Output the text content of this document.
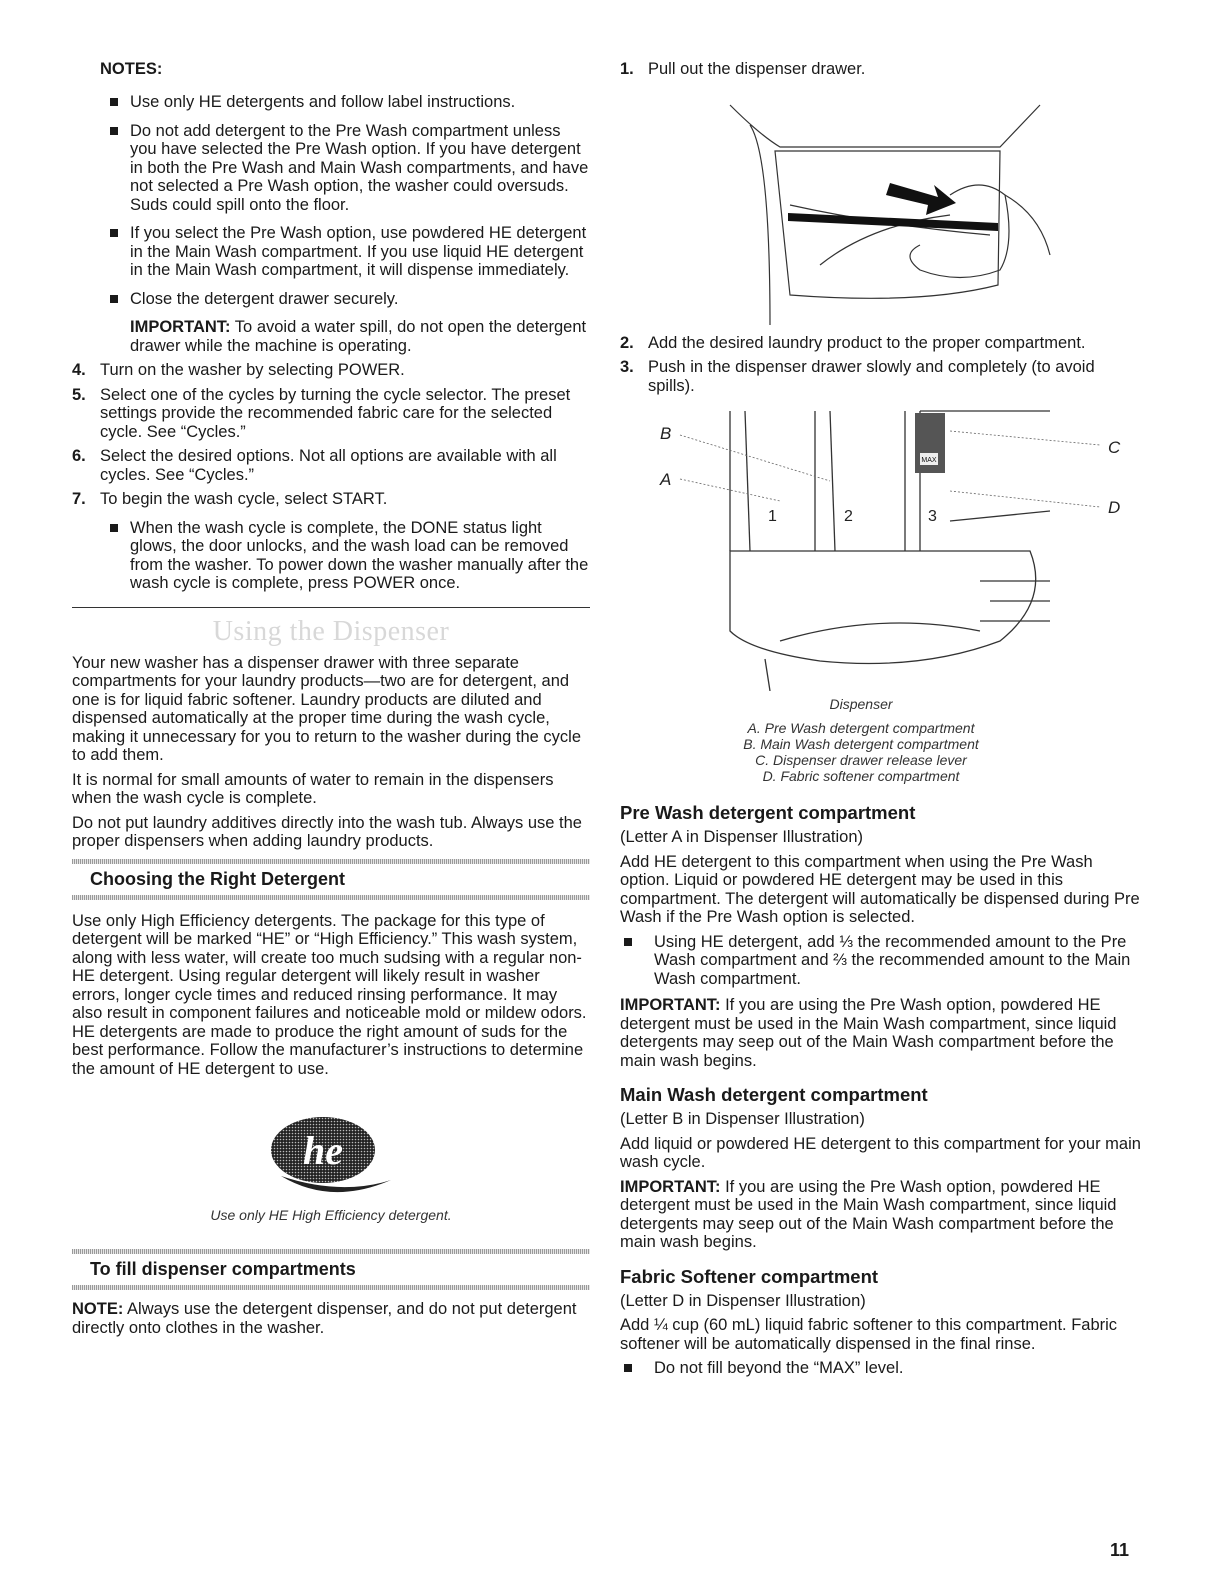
NOTES:
Use only HE detergents and follow label instructions.
Do not add detergent to the Pre Wash compartment unless you have selected the Pre Wash option. If you have detergent in both the Pre Wash and Main Wash compartments, and have not selected a Pre Wash option, the washer could oversuds. Suds could spill onto the floor.
If you select the Pre Wash option, use powdered HE detergent in the Main Wash compartment. If you use liquid HE detergent in the Main Wash compartment, it will dispense immediately.
Close the detergent drawer securely.
IMPORTANT: To avoid a water spill, do not open the detergent drawer while the machine is operating.
4. Turn on the washer by selecting POWER.
5. Select one of the cycles by turning the cycle selector. The preset settings provide the recommended fabric care for the selected cycle. See “Cycles.”
6. Select the desired options. Not all options are available with all cycles. See “Cycles.”
7. To begin the wash cycle, select START.
When the wash cycle is complete, the DONE status light glows, the door unlocks, and the wash load can be removed from the washer. To power down the washer manually after the wash cycle is complete, press POWER once.
Using the Dispenser

Your new washer has a dispenser drawer with three separate compartments for your laundry products—two are for detergent, and one is for liquid fabric softener. Laundry products are diluted and dispensed automatically at the proper time during the wash cycle, making it unnecessary for you to return to the washer during the cycle to add them.

It is normal for small amounts of water to remain in the dispensers when the wash cycle is complete.

Do not put laundry additives directly into the wash tub. Always use the proper dispensers when adding laundry products.

Choosing the Right Detergent

Use only High Efficiency detergents. The package for this type of detergent will be marked “HE” or “High Efficiency.” This wash system, along with less water, will create too much sudsing with a regular non-HE detergent. Using regular detergent will likely result in washer errors, longer cycle times and reduced rinsing performance. It may also result in component failures and noticeable mold or mildew odors. HE detergents are made to produce the right amount of suds for the best performance. Follow the manufacturer’s instructions to determine the amount of HE detergent to use.

he
Use only HE High Efficiency detergent.
To fill dispenser compartments

NOTE: Always use the detergent dispenser, and do not put detergent directly onto clothes in the washer.

1. Pull out the dispenser drawer.
2. Add the desired laundry product to the proper compartment.
3. Push in the dispenser drawer slowly and completely (to avoid spills).
MAX
1	2	3
B
A
C
D
Dispenser
A. Pre Wash detergent compartment
B. Main Wash detergent compartment
C. Dispenser drawer release lever
D. Fabric softener compartment
Pre Wash detergent compartment

(Letter A in Dispenser Illustration)

Add HE detergent to this compartment when using the Pre Wash option. Liquid or powdered HE detergent may be used in this compartment. The detergent will automatically be dispensed during Pre Wash if the Pre Wash option is selected.

Using HE detergent, add ⅓ the recommended amount to the Pre Wash compartment and ⅔ the recommended amount to the Main Wash compartment.

IMPORTANT: If you are using the Pre Wash option, powdered HE detergent must be used in the Main Wash compartment, since liquid detergents may seep out of the Main Wash compartment before the main wash begins.

Main Wash detergent compartment

(Letter B in Dispenser Illustration)

Add liquid or powdered HE detergent to this compartment for your main wash cycle.

IMPORTANT: If you are using the Pre Wash option, powdered HE detergent must be used in the Main Wash compartment, since liquid detergents may seep out of the Main Wash compartment before the main wash begins.

Fabric Softener compartment

(Letter D in Dispenser Illustration)

Add ¼ cup (60 mL) liquid fabric softener to this compartment. Fabric softener will be automatically dispensed in the final rinse.

Do not fill beyond the “MAX” level.
11
